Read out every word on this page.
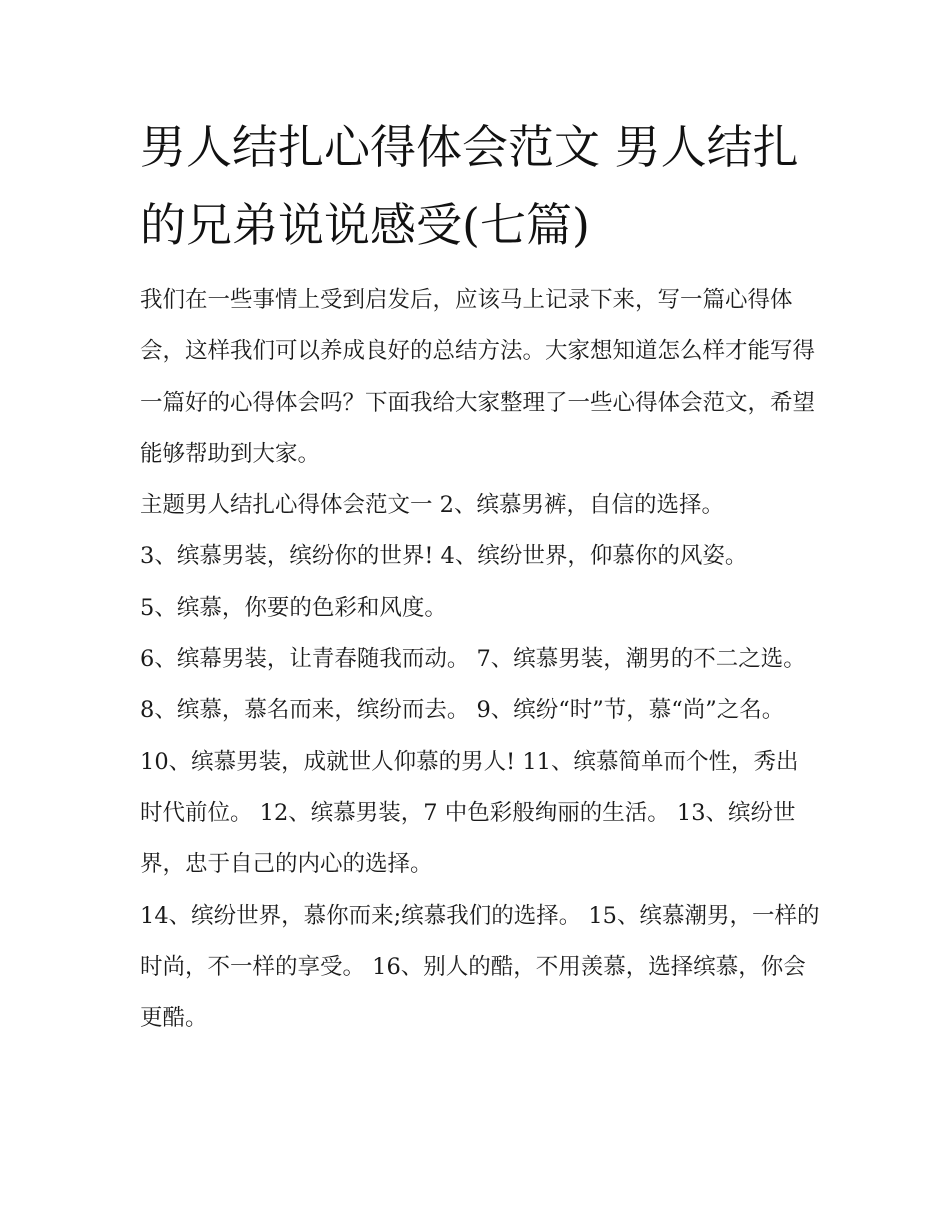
男人结扎心得体会范文 男人结扎的兄弟说说感受(七篇)

我们在一些事情上受到启发后，应该马上记录下来，写一篇心得体会，这样我们可以养成良好的总结方法。大家想知道怎么样才能写得一篇好的心得体会吗？下面我给大家整理了一些心得体会范文，希望能够帮助到大家。

主题男人结扎心得体会范文一 2、缤慕男裤，自信的选择。

3、缤慕男装，缤纷你的世界! 4、缤纷世界，仰慕你的风姿。

5、缤慕，你要的色彩和风度。

6、缤幕男装，让青春随我而动。 7、缤慕男装，潮男的不二之选。 8、缤慕，慕名而来，缤纷而去。 9、缤纷“时”节，慕“尚”之名。

10、缤慕男装，成就世人仰慕的男人! 11、缤慕简单而个性，秀出时代前位。 12、缤慕男装，7 中色彩般绚丽的生活。 13、缤纷世界，忠于自己的内心的选择。

14、缤纷世界，慕你而来;缤慕我们的选择。 15、缤慕潮男，一样的时尚，不一样的享受。 16、别人的酷，不用羡慕，选择缤慕，你会更酷。
